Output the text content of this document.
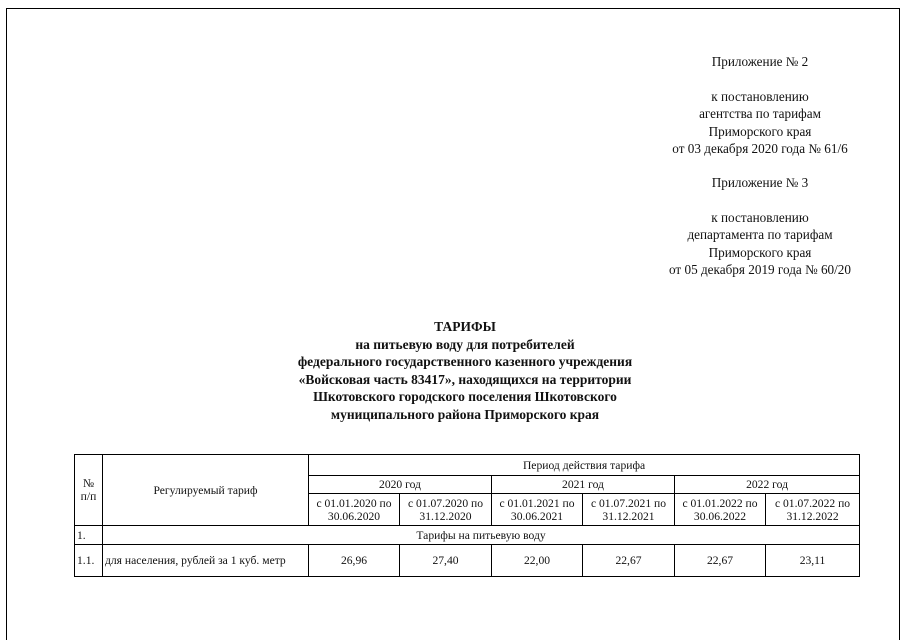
Приложение № 2
к постановлению
агентства по тарифам
Приморского края
от 03 декабря 2020 года № 61/6
Приложение № 3
к постановлению
департамента по тарифам
Приморского края
от 05 декабря 2019 года № 60/20
ТАРИФЫ
на питьевую воду для потребителей
федерального государственного казенного учреждения
«Войсковая часть 83417», находящихся на территории
Шкотовского городского поселения Шкотовского
муниципального района Приморского края
№ п/п	Регулируемый тариф	Период действия тарифа					
		2020 год		2021 год		2022 год	
		с 01.01.2020 по 30.06.2020	с 01.07.2020 по 31.12.2020	с 01.01.2021 по 30.06.2021	с 01.07.2021 по 31.12.2021	с 01.01.2022 по 30.06.2022	с 01.07.2022 по 31.12.2022
1.	Тарифы на питьевую воду						
1.1.	для населения, рублей за 1 куб. метр	26,96	27,40	22,00	22,67	22,67	23,11
